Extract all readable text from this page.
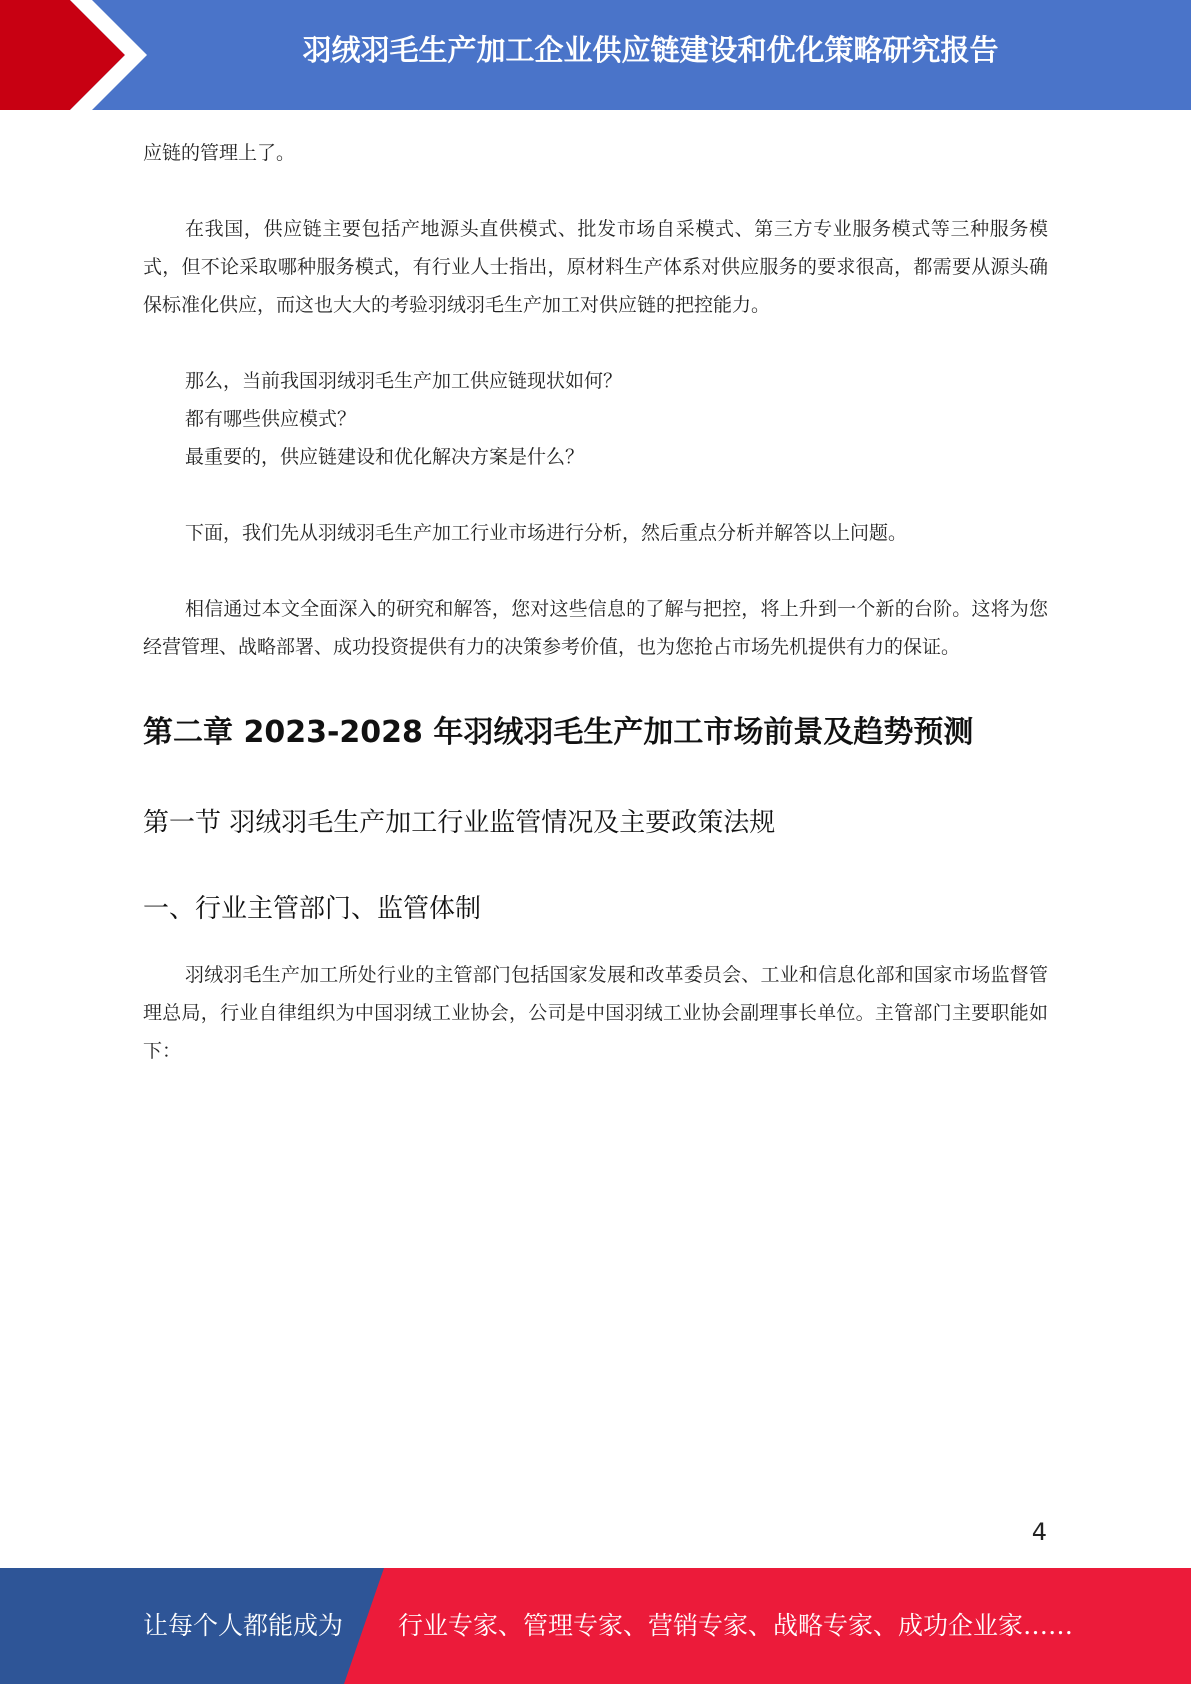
羽绒羽毛生产加工企业供应链建设和优化策略研究报告

应链的管理上了。

在我国，供应链主要包括产地源头直供模式、批发市场自采模式、第三方专业服务模式等三种服务模式，但不论采取哪种服务模式，有行业人士指出，原材料生产体系对供应服务的要求很高，都需要从源头确保标准化供应，而这也大大的考验羽绒羽毛生产加工对供应链的把控能力。

那么，当前我国羽绒羽毛生产加工供应链现状如何？

都有哪些供应模式？

最重要的，供应链建设和优化解决方案是什么？

下面，我们先从羽绒羽毛生产加工行业市场进行分析，然后重点分析并解答以上问题。

相信通过本文全面深入的研究和解答，您对这些信息的了解与把控，将上升到一个新的台阶。这将为您经营管理、战略部署、成功投资提供有力的决策参考价值，也为您抢占市场先机提供有力的保证。

第二章 2023-2028 年羽绒羽毛生产加工市场前景及趋势预测
第一节 羽绒羽毛生产加工行业监管情况及主要政策法规
一、行业主管部门、监管体制

羽绒羽毛生产加工所处行业的主管部门包括国家发展和改革委员会、工业和信息化部和国家市场监督管理总局，行业自律组织为中国羽绒工业协会，公司是中国羽绒工业协会副理事长单位。主管部门主要职能如下：

4
让每个人都能成为 行业专家、管理专家、营销专家、战略专家、成功企业家……
